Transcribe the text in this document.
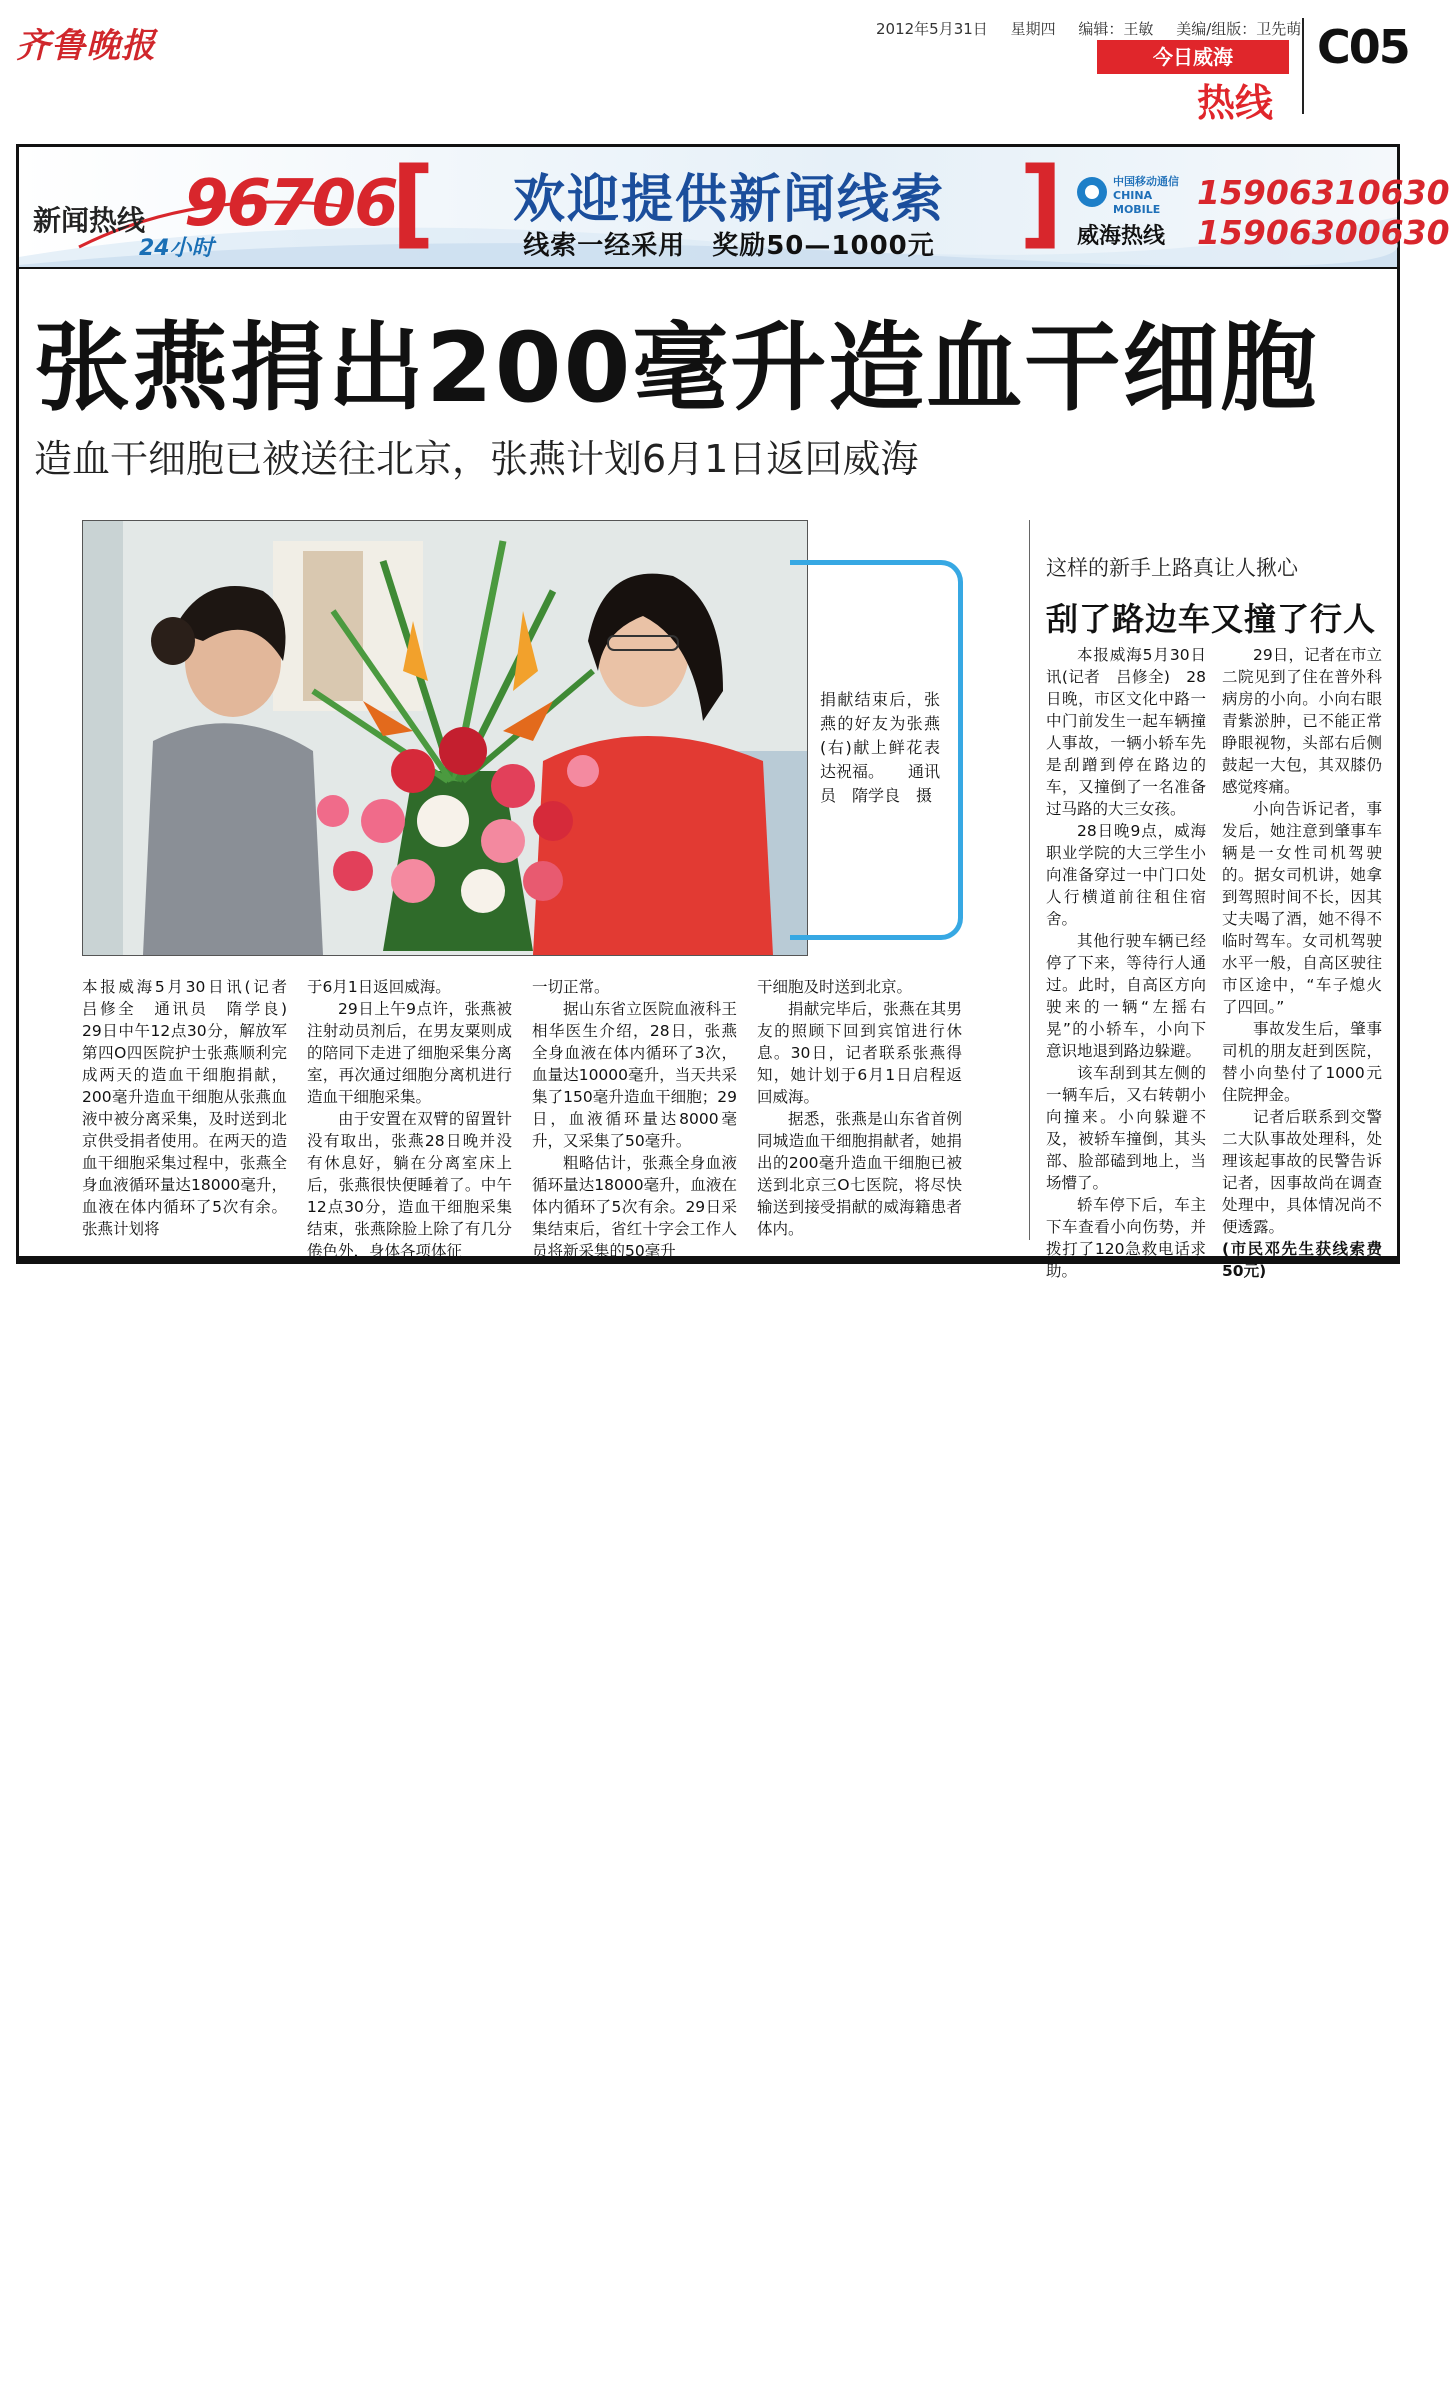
齐鲁晚报	2012年5月31日 星期四 编辑：王敏 美编/组版：卫先萌
今日威海
热线
C05
新闻热线
24小时
96706
[	欢迎提供新闻线索
线索一经采用　奖励50—1000元 ]	中国移动通信 CHINA MOBILE
威海热线
15906310630
15906300630
张燕捐出200毫升造血干细胞
造血干细胞已被送往北京，张燕计划6月1日返回威海
捐献结束后，张燕的好友为张燕(右)献上鲜花表达祝福。　　通讯员　隋学良　摄

本报威海5月30日讯(记者　吕修全　通讯员　隋学良)　29日中午12点30分，解放军第四O四医院护士张燕顺利完成两天的造血干细胞捐献，200毫升造血干细胞从张燕血液中被分离采集，及时送到北京供受捐者使用。在两天的造血干细胞采集过程中，张燕全身血液循环量达18000毫升，血液在体内循环了5次有余。张燕计划将

于6月1日返回威海。

29日上午9点许，张燕被注射动员剂后，在男友粟则成的陪同下走进了细胞采集分离室，再次通过细胞分离机进行造血干细胞采集。

由于安置在双臂的留置针没有取出，张燕28日晚并没有休息好，躺在分离室床上后，张燕很快便睡着了。中午12点30分，造血干细胞采集结束，张燕除脸上除了有几分倦色外，身体各项体征

一切正常。

据山东省立医院血液科王相华医生介绍，28日，张燕全身血液在体内循环了3次，血量达10000毫升，当天共采集了150毫升造血干细胞；29日，血液循环量达8000毫升，又采集了50毫升。

粗略估计，张燕全身血液循环量达18000毫升，血液在体内循环了5次有余。29日采集结束后，省红十字会工作人员将新采集的50毫升

干细胞及时送到北京。

捐献完毕后，张燕在其男友的照顾下回到宾馆进行休息。30日，记者联系张燕得知，她计划于6月1日启程返回威海。

据悉，张燕是山东省首例同城造血干细胞捐献者，她捐出的200毫升造血干细胞已被送到北京三O七医院，将尽快输送到接受捐献的威海籍患者体内。

这样的新手上路真让人揪心
刮了路边车又撞了行人

本报威海5月30日讯(记者　吕修全)　28日晚，市区文化中路一中门前发生一起车辆撞人事故，一辆小轿车先是刮蹭到停在路边的车，又撞倒了一名准备过马路的大三女孩。

28日晚9点，威海职业学院的大三学生小向准备穿过一中门口处人行横道前往租住宿舍。

其他行驶车辆已经停了下来，等待行人通过。此时，自高区方向驶来的一辆“左摇右晃”的小轿车，小向下意识地退到路边躲避。

该车刮到其左侧的一辆车后，又右转朝小向撞来。小向躲避不及，被轿车撞倒，其头部、脸部磕到地上，当场懵了。

轿车停下后，车主下车查看小向伤势，并拨打了120急救电话求助。

29日，记者在市立二院见到了住在普外科病房的小向。小向右眼青紫淤肿，已不能正常睁眼视物，头部右后侧鼓起一大包，其双膝仍感觉疼痛。

小向告诉记者，事发后，她注意到肇事车辆是一女性司机驾驶的。据女司机讲，她拿到驾照时间不长，因其丈夫喝了酒，她不得不临时驾车。女司机驾驶水平一般，自高区驶往市区途中，“车子熄火了四回。”

事故发生后，肇事司机的朋友赶到医院，替小向垫付了1000元住院押金。

记者后联系到交警二大队事故处理科，处理该起事故的民警告诉记者，因事故尚在调查处理中，具体情况尚不便透露。

(市民邓先生获线索费50元)
